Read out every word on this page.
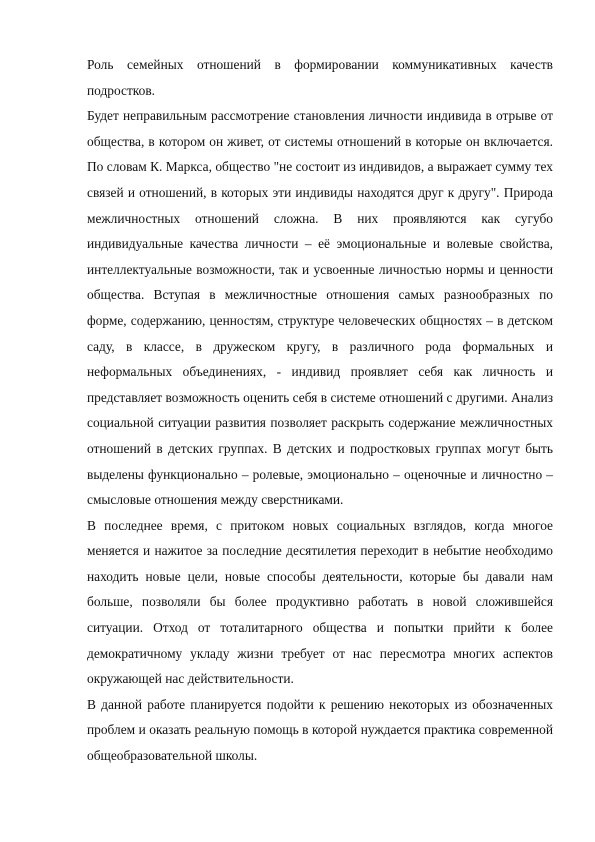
Роль семейных отношений в формировании коммуникативных качеств подростков.

Будет неправильным рассмотрение становления личности индивида в отрыве от общества, в котором он живет, от системы отношений в которые он включается. По словам К. Маркса, общество "не состоит из индивидов, а выражает сумму тех связей и отношений, в которых эти индивиды находятся друг к другу". Природа межличностных отношений сложна. В них проявляются как сугубо индивидуальные качества личности – её эмоциональные и волевые свойства, интеллектуальные возможности, так и усвоенные личностью нормы и ценности общества. Вступая в межличностные отношения самых разнообразных по форме, содержанию, ценностям, структуре человеческих общностях – в детском саду, в классе, в дружеском кругу, в различного рода формальных и неформальных объединениях, - индивид проявляет себя как личность и представляет возможность оценить себя в системе отношений с другими. Анализ социальной ситуации развития позволяет раскрыть содержание межличностных отношений в детских группах. В детских и подростковых группах могут быть выделены функционально – ролевые, эмоционально – оценочные и личностно – смысловые отношения между сверстниками.

В последнее время, с притоком новых социальных взглядов, когда многое меняется и нажитое за последние десятилетия переходит в небытие необходимо находить новые цели, новые способы деятельности, которые бы давали нам больше, позволяли бы более продуктивно работать в новой сложившейся ситуации. Отход от тоталитарного общества и попытки прийти к более демократичному укладу жизни требует от нас пересмотра многих аспектов окружающей нас действительности.

В данной работе планируется подойти к решению некоторых из обозначенных проблем и оказать реальную помощь в которой нуждается практика современной общеобразовательной школы.
